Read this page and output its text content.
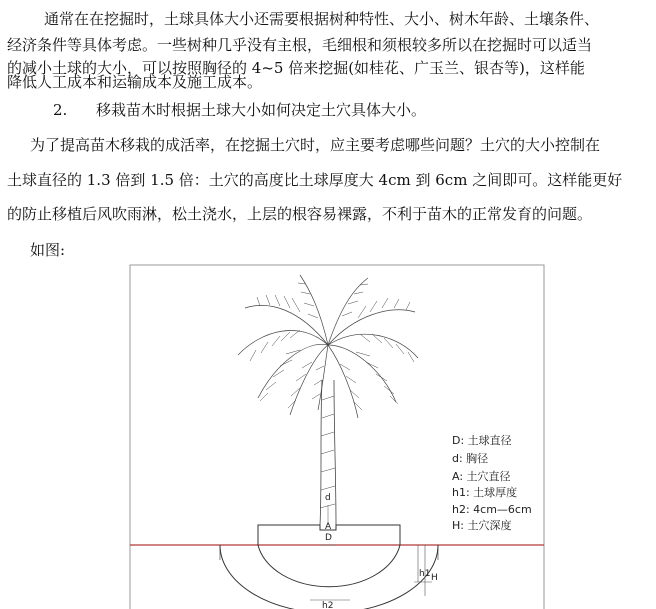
通常在在挖掘时，土球具体大小还需要根据树种特性、大小、树木年龄、土壤条件、
经济条件等具体考虑。一些树种几乎没有主根，毛细根和须根较多所以在挖掘时可以适当
的减小土球的大小，可以按照胸径的 4~5 倍来挖掘(如桂花、广玉兰、银杏等)，这样能
降低人工成本和运输成本及施工成本。
2. 移栽苗木时根据土球大小如何决定土穴具体大小。
为了提高苗木移栽的成活率，在挖掘土穴时，应主要考虑哪些问题？土穴的大小控制在
土球直径的 1.3 倍到 1.5 倍：土穴的高度比土球厚度大 4cm 到 6cm 之间即可。这样能更好
的防止移植后风吹雨淋，松土浇水，上层的根容易裸露，不利于苗木的正常发育的问题。
如图:
d
A
D
h1 H
h2
D: 土球直径
d: 胸径
A: 土穴直径
h1: 土球厚度
h2: 4cm—6cm
H: 土穴深度
